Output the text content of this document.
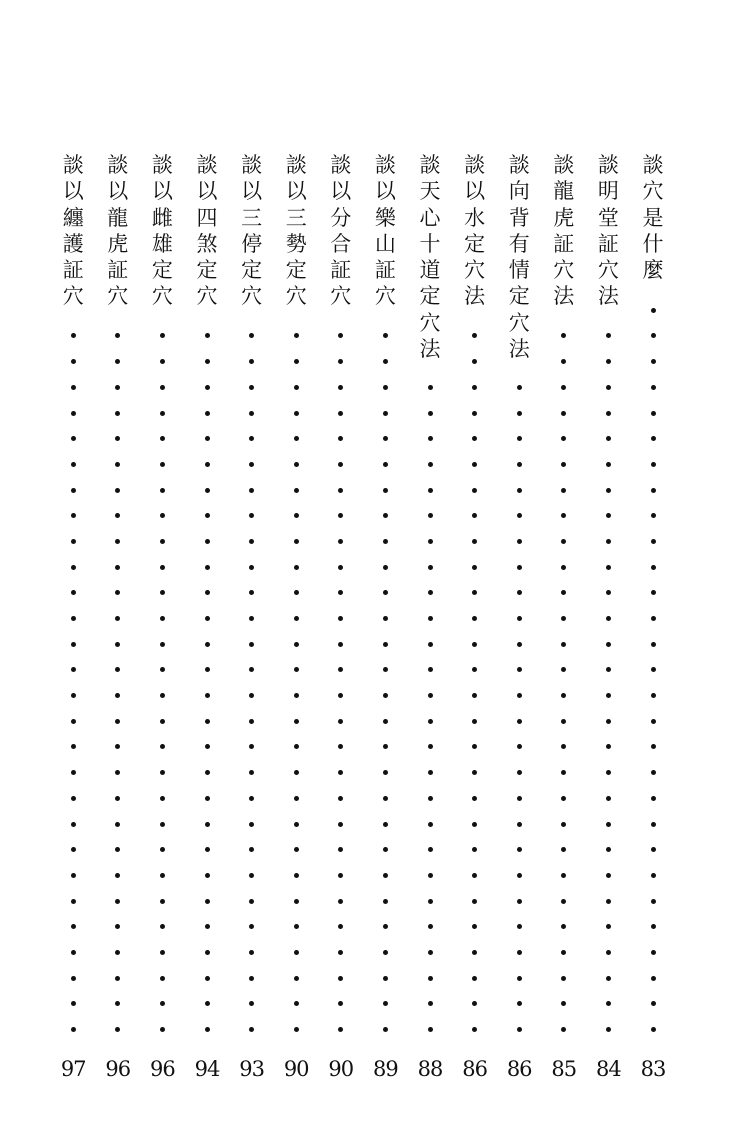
談
穴
是
什
麼
83
談
明
堂
証
穴
法
84
談
龍
虎
証
穴
法
85
談
向
背
有
情
定
穴
法
86
談
以
水
定
穴
法
86
談
天
心
十
道
定
穴
法
88
談
以
樂
山
証
穴
89
談
以
分
合
証
穴
90
談
以
三
勢
定
穴
90
談
以
三
停
定
穴
93
談
以
四
煞
定
穴
94
談
以
雌
雄
定
穴
96
談
以
龍
虎
証
穴
96
談
以
纏
護
証
穴
97
